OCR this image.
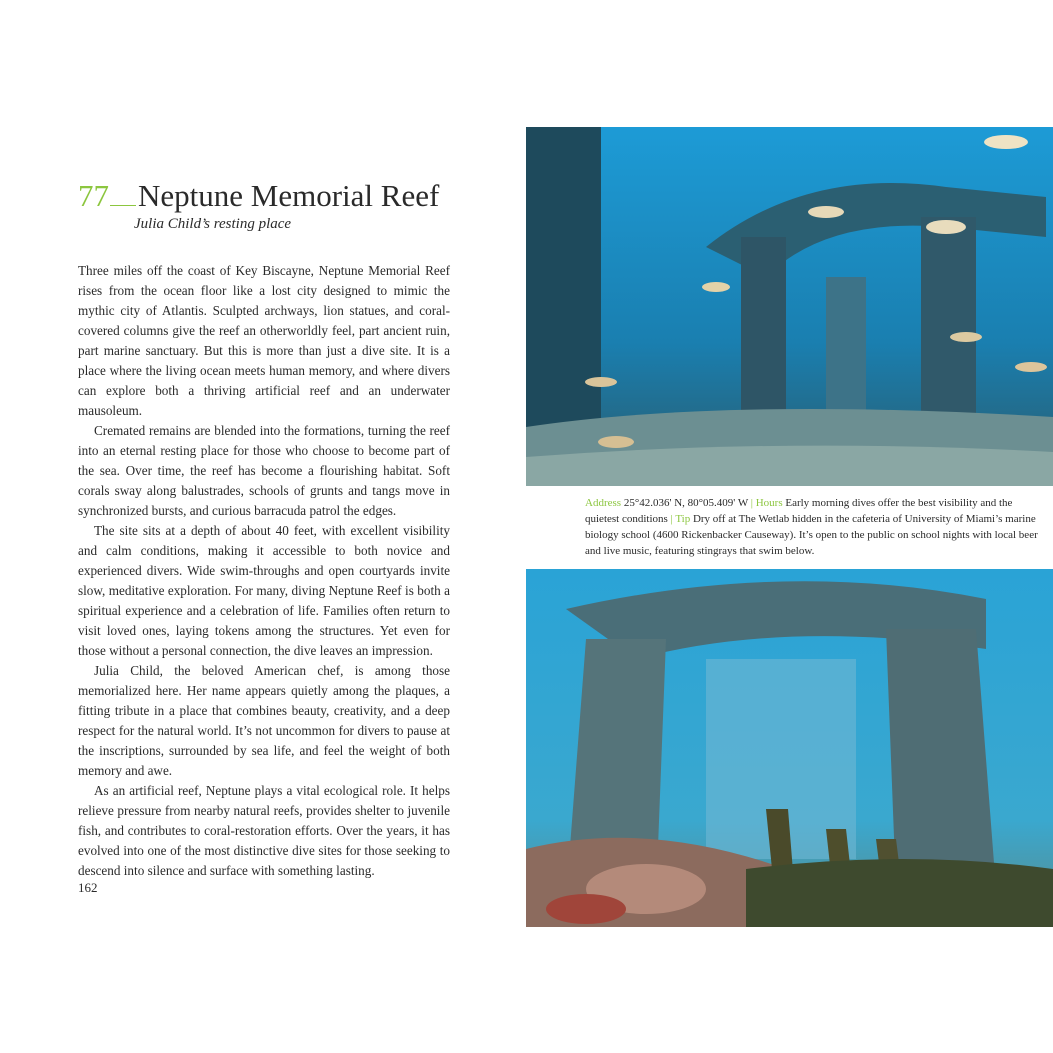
77 Neptune Memorial Reef
Julia Child’s resting place

Three miles off the coast of Key Biscayne, Neptune Memorial Reef rises from the ocean floor like a lost city designed to mimic the mythic city of Atlantis. Sculpted archways, lion statues, and coral-covered columns give the reef an otherworldly feel, part ancient ruin, part marine sanctuary. But this is more than just a dive site. It is a place where the living ocean meets human memory, and where divers can explore both a thriving artificial reef and an underwater mausoleum.

Cremated remains are blended into the formations, turning the reef into an eternal resting place for those who choose to become part of the sea. Over time, the reef has become a flourishing habitat. Soft corals sway along balustrades, schools of grunts and tangs move in synchronized bursts, and curious barracuda patrol the edges.

The site sits at a depth of about 40 feet, with excellent visibility and calm conditions, making it accessible to both novice and experienced divers. Wide swim-throughs and open courtyards invite slow, meditative exploration. For many, diving Neptune Reef is both a spiritual experience and a celebration of life. Families often return to visit loved ones, laying tokens among the structures. Yet even for those without a personal connection, the dive leaves an impression.

Julia Child, the beloved American chef, is among those memorialized here. Her name appears quietly among the plaques, a fitting tribute in a place that combines beauty, creativity, and a deep respect for the natural world. It’s not uncommon for divers to pause at the inscriptions, surrounded by sea life, and feel the weight of both memory and awe.

As an artificial reef, Neptune plays a vital ecological role. It helps relieve pressure from nearby natural reefs, provides shelter to juvenile fish, and contributes to coral-restoration efforts. Over the years, it has evolved into one of the most distinctive dive sites for those seeking to descend into silence and surface with something lasting.

162
Address 25°42.036' N, 80°05.409' W | Hours Early morning dives offer the best visibility and the quietest conditions | Tip Dry off at The Wetlab hidden in the cafeteria of University of Miami’s marine biology school (4600 Rickenbacker Causeway). It’s open to the public on school nights with local beer and live music, featuring stingrays that swim below.
